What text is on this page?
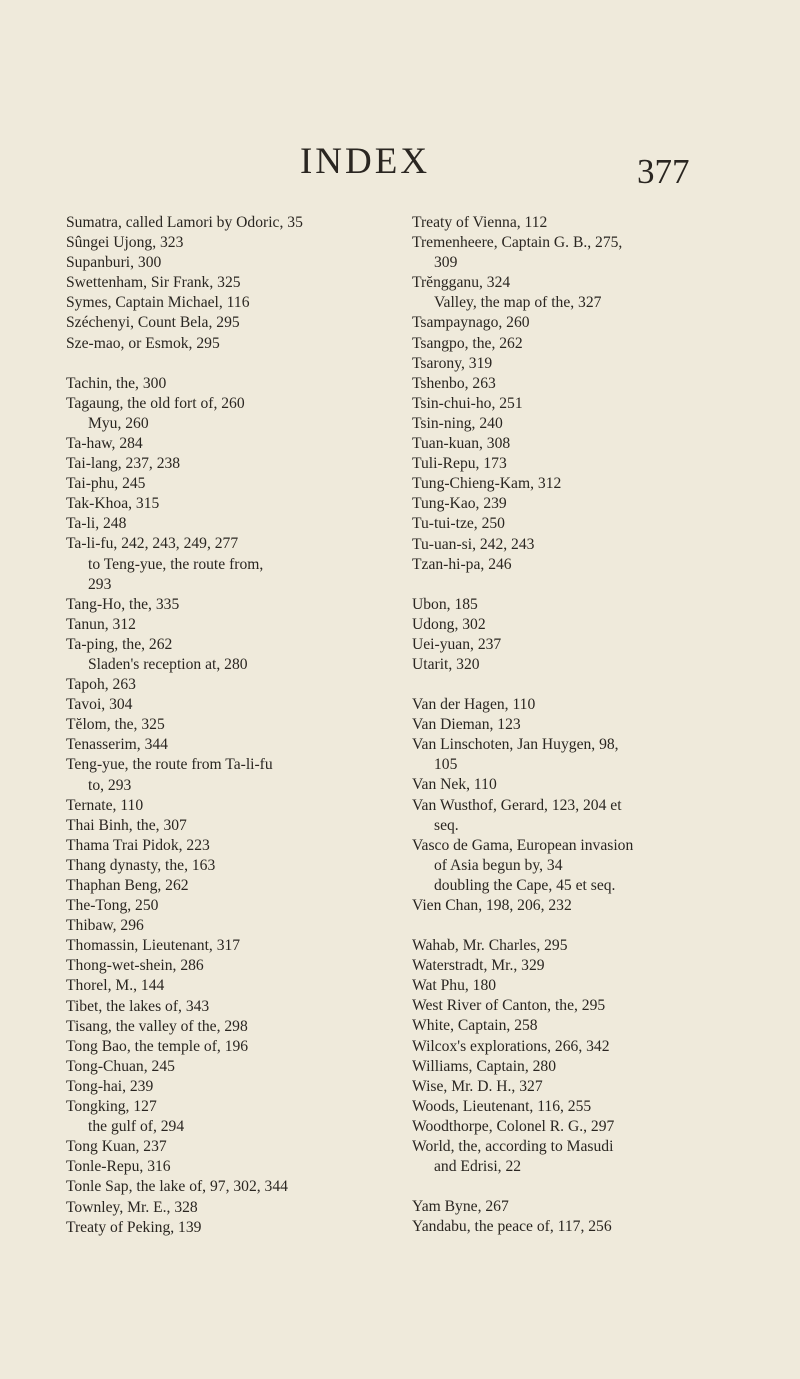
INDEX	377
Sumatra, called Lamori by Odoric, 35
Sûngei Ujong, 323
Supanburi, 300
Swettenham, Sir Frank, 325
Symes, Captain Michael, 116
Széchenyi, Count Bela, 295
Sze-mao, or Esmok, 295
Tachin, the, 300
Tagaung, the old fort of, 260
Myu, 260
Ta-haw, 284
Tai-lang, 237, 238
Tai-phu, 245
Tak-Khoa, 315
Ta-li, 248
Ta-li-fu, 242, 243, 249, 277
to Teng-yue, the route from,
293
Tang-Ho, the, 335
Tanun, 312
Ta-ping, the, 262
Sladen's reception at, 280
Tapoh, 263
Tavoi, 304
Tĕlom, the, 325
Tenasserim, 344
Teng-yue, the route from Ta-li-fu
to, 293
Ternate, 110
Thai Binh, the, 307
Thama Trai Pidok, 223
Thang dynasty, the, 163
Thaphan Beng, 262
The-Tong, 250
Thibaw, 296
Thomassin, Lieutenant, 317
Thong-wet-shein, 286
Thorel, M., 144
Tibet, the lakes of, 343
Tisang, the valley of the, 298
Tong Bao, the temple of, 196
Tong-Chuan, 245
Tong-hai, 239
Tongking, 127
the gulf of, 294
Tong Kuan, 237
Tonle-Repu, 316
Tonle Sap, the lake of, 97, 302, 344
Townley, Mr. E., 328
Treaty of Peking, 139
Treaty of Vienna, 112
Tremenheere, Captain G. B., 275,
309
Trĕngganu, 324
Valley, the map of the, 327
Tsampaynago, 260
Tsangpo, the, 262
Tsarony, 319
Tshenbo, 263
Tsin-chui-ho, 251
Tsin-ning, 240
Tuan-kuan, 308
Tuli-Repu, 173
Tung-Chieng-Kam, 312
Tung-Kao, 239
Tu-tui-tze, 250
Tu-uan-si, 242, 243
Tzan-hi-pa, 246
Ubon, 185
Udong, 302
Uei-yuan, 237
Utarit, 320
Van der Hagen, 110
Van Dieman, 123
Van Linschoten, Jan Huygen, 98,
105
Van Nek, 110
Van Wusthof, Gerard, 123, 204 et
seq.
Vasco de Gama, European invasion
of Asia begun by, 34
doubling the Cape, 45 et seq.
Vien Chan, 198, 206, 232
Wahab, Mr. Charles, 295
Waterstradt, Mr., 329
Wat Phu, 180
West River of Canton, the, 295
White, Captain, 258
Wilcox's explorations, 266, 342
Williams, Captain, 280
Wise, Mr. D. H., 327
Woods, Lieutenant, 116, 255
Woodthorpe, Colonel R. G., 297
World, the, according to Masudi
and Edrisi, 22
Yam Byne, 267
Yandabu, the peace of, 117, 256
